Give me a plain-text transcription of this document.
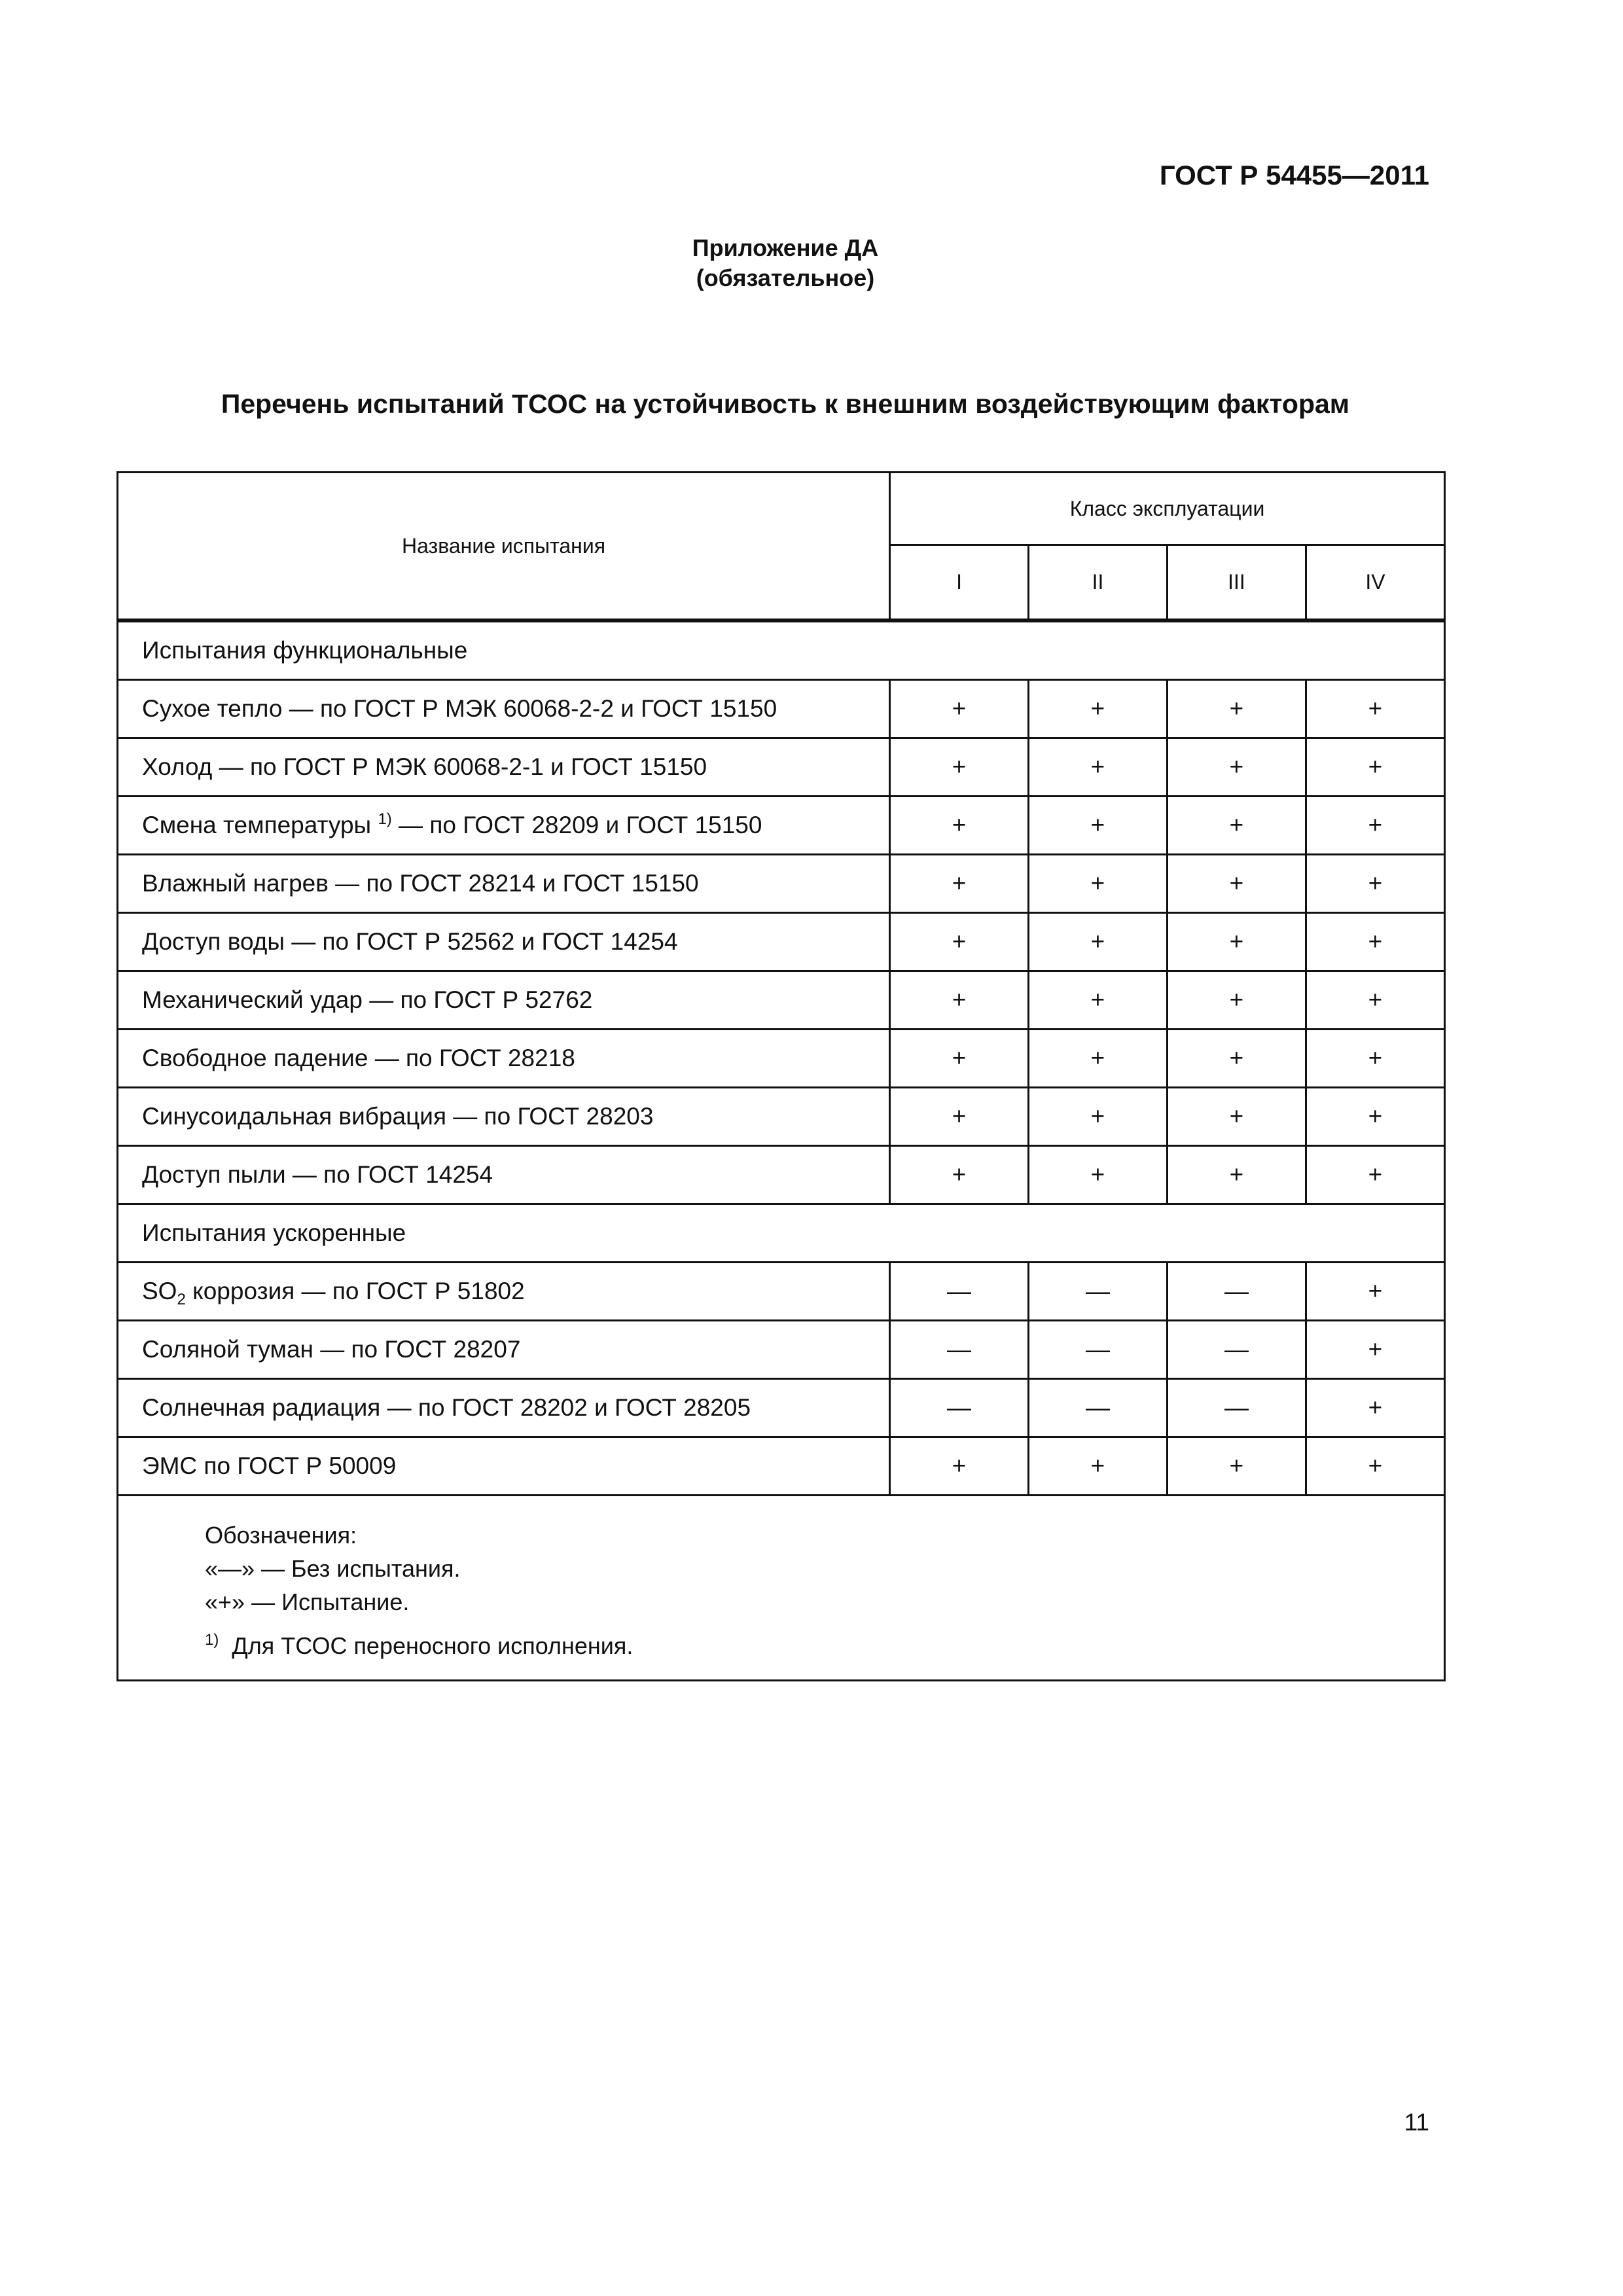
ГОСТ Р 54455—2011
Приложение ДА
(обязательное)
Перечень испытаний ТСОС на устойчивость к внешним воздействующим факторам
Название испытания	Класс эксплуатации			
	I	II	III	IV

Испытания функциональные				
Сухое тепло — по ГОСТ Р МЭК 60068-2-2 и ГОСТ 15150	+	+	+	+
Холод — по ГОСТ Р МЭК 60068-2-1 и ГОСТ 15150	+	+	+	+
Смена температуры $^{1)}$ — по ГОСТ 28209 и ГОСТ 15150	+	+	+	+
Влажный нагрев — по ГОСТ 28214 и ГОСТ 15150	+	+	+	+
Доступ воды — по ГОСТ Р 52562 и ГОСТ 14254	+	+	+	+
Механический удар — по ГОСТ Р 52762	+	+	+	+
Свободное падение — по ГОСТ 28218	+	+	+	+
Синусоидальная вибрация — по ГОСТ 28203	+	+	+	+
Доступ пыли — по ГОСТ 14254	+	+	+	+
Испытания ускоренные				
$SO_2$ коррозия — по ГОСТ Р 51802	—	—	—	+
Соляной туман — по ГОСТ 28207	—	—	—	+
Солнечная радиация — по ГОСТ 28202 и ГОСТ 28205	—	—	—	+
ЭМС по ГОСТ Р 50009	+	+	+	+

Обозначения:
«—» — Без испытания.
«+» — Испытание.
$^{1)}$ Для ТСОС переносного исполнения.				
11
